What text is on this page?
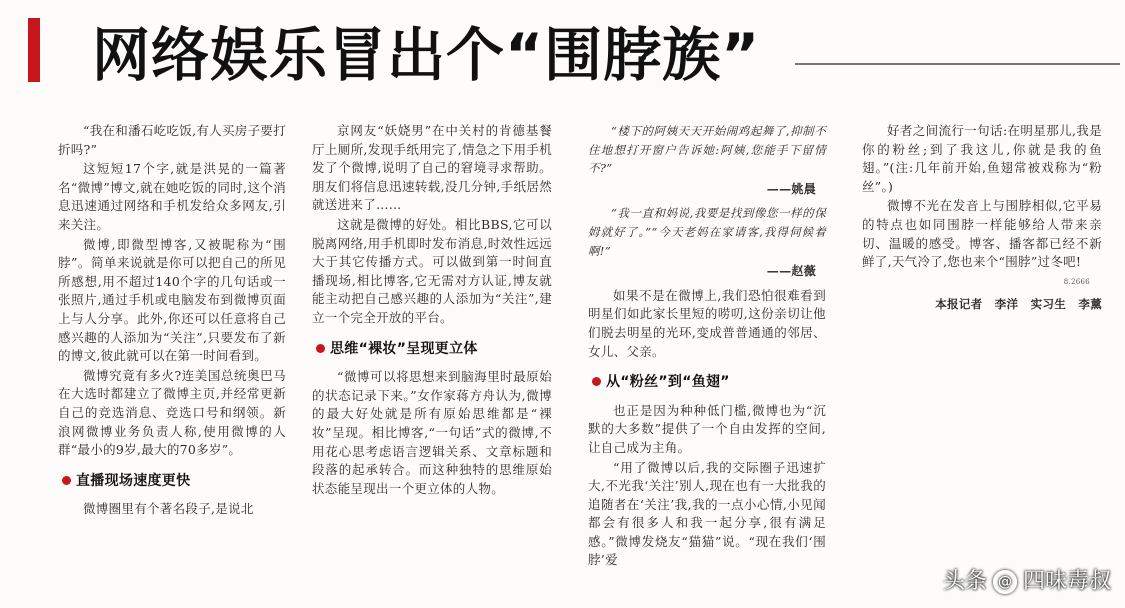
网络娱乐冒出个“围脖族”

“我在和潘石屹吃饭,有人买房子要打折吗?”

这短短17个字,就是洪晃的一篇著名“微博”博文,就在她吃饭的同时,这个消息迅速通过网络和手机发给众多网友,引来关注。

微博,即微型博客,又被昵称为“围脖”。简单来说就是你可以把自己的所见所感想,用不超过140个字的几句话或一张照片,通过手机或电脑发布到微博页面上与人分享。此外,你还可以任意将自己感兴趣的人添加为“关注”,只要发布了新的博文,彼此就可以在第一时间看到。

微博究竟有多火?连美国总统奥巴马在大选时都建立了微博主页,并经常更新自己的竞选消息、竞选口号和纲领。新浪网微博业务负责人称,使用微博的人群“最小的9岁,最大的70多岁”。

直播现场速度更快

微博圈里有个著名段子,是说北

京网友“妖娆男”在中关村的肯德基餐厅上厕所,发现手纸用完了,情急之下用手机发了个微博,说明了自己的窘境寻求帮助。朋友们将信息迅速转载,没几分钟,手纸居然就送进来了……

这就是微博的好处。相比BBS,它可以脱离网络,用手机即时发布消息,时效性远远大于其它传播方式。可以做到第一时间直播现场,相比博客,它无需对方认证,博友就能主动把自己感兴趣的人添加为“关注”,建立一个完全开放的平台。

思维“裸妆”呈现更立体

“微博可以将思想来到脑海里时最原始的状态记录下来。”女作家蒋方舟认为,微博的最大好处就是所有原始思维都是“裸妆”呈现。相比博客,“一句话”式的微博,不用花心思考虑语言逻辑关系、文章标题和段落的起承转合。而这种独特的思维原始状态能呈现出一个更立体的人物。

“楼下的阿姨天天开始闹鸡起舞了,抑制不住地想打开窗户告诉她:阿姨,您能手下留情不?”

——姚晨

“我一直和妈说,我要是找到像您一样的保姆就好了。”“今天老妈在家请客,我得伺候着啊!”

——赵薇

如果不是在微博上,我们恐怕很难看到明星们如此家长里短的唠叨,这份亲切让他们脱去明星的光环,变成普普通通的邻居、女儿、父亲。

从“粉丝”到“鱼翅”

也正是因为种种低门槛,微博也为“沉默的大多数”提供了一个自由发挥的空间,让自己成为主角。

“用了微博以后,我的交际圈子迅速扩大,不光我‘关注’别人,现在也有一大批我的追随者在‘关注’我,我的一点小心情,小见闻都会有很多人和我一起分享,很有满足感。”微博发烧友“猫猫”说。“现在我们‘围脖’爱

好者之间流行一句话:在明星那儿,我是你的粉丝;到了我这儿,你就是我的鱼翅。”(注:几年前开始,鱼翅常被戏称为“粉丝”。)

微博不光在发音上与围脖相似,它平易的特点也如同围脖一样能够给人带来亲切、温暖的感受。博客、播客都已经不新鲜了,天气冷了,您也来个“围脖”过冬吧!

8.2666
本报记者 李洋 实习生 李薰
头条 @ 四味毒叔
